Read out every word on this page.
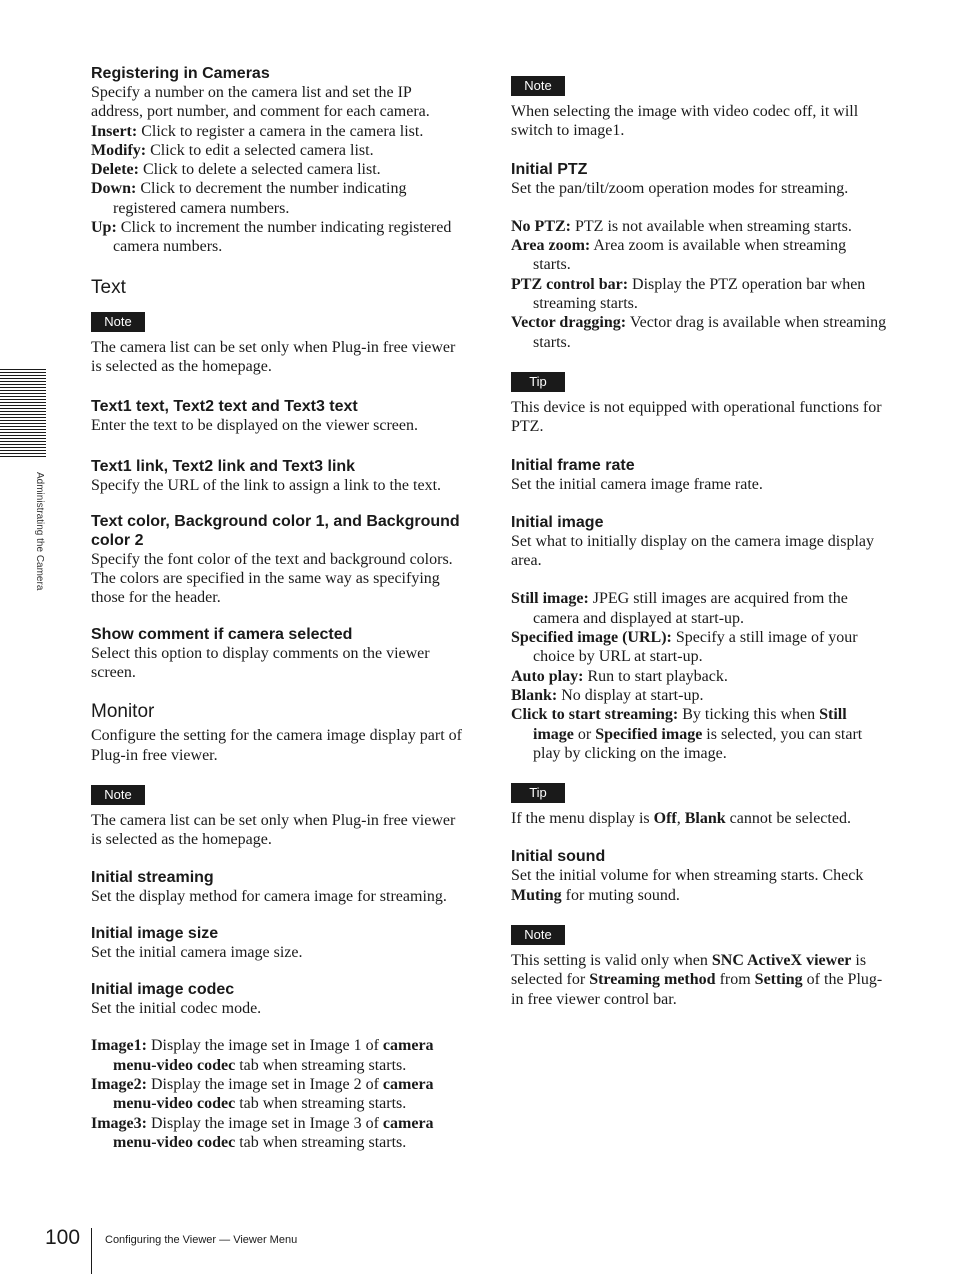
Administrating the Camera
Registering in Cameras

Specify a number on the camera list and set the IP address, port number, and comment for each camera.

Insert: Click to register a camera in the camera list.
Modify: Click to edit a selected camera list.
Delete: Click to delete a selected camera list.
Down: Click to decrement the number indicating registered camera numbers.
Up: Click to increment the number indicating registered camera numbers.
Text
Note

The camera list can be set only when Plug-in free viewer is selected as the homepage.

Text1 text, Text2 text and Text3 text

Enter the text to be displayed on the viewer screen.

Text1 link, Text2 link and Text3 link

Specify the URL of the link to assign a link to the text.

Text color, Background color 1, and Background color 2

Specify the font color of the text and background colors. The colors are specified in the same way as specifying those for the header.

Show comment if camera selected

Select this option to display comments on the viewer screen.

Monitor

Configure the setting for the camera image display part of Plug-in free viewer.

Note

The camera list can be set only when Plug-in free viewer is selected as the homepage.

Initial streaming

Set the display method for camera image for streaming.

Initial image size

Set the initial camera image size.

Initial image codec

Set the initial codec mode.

Image1: Display the image set in Image 1 of camera menu-video codec tab when streaming starts.
Image2: Display the image set in Image 2 of camera menu-video codec tab when streaming starts.
Image3: Display the image set in Image 3 of camera menu-video codec tab when streaming starts.
Note

When selecting the image with video codec off, it will switch to image1.

Initial PTZ

Set the pan/tilt/zoom operation modes for streaming.

No PTZ: PTZ is not available when streaming starts.
Area zoom: Area zoom is available when streaming starts.
PTZ control bar: Display the PTZ operation bar when streaming starts.
Vector dragging: Vector drag is available when streaming starts.
Tip

This device is not equipped with operational functions for PTZ.

Initial frame rate

Set the initial camera image frame rate.

Initial image

Set what to initially display on the camera image display area.

Still image: JPEG still images are acquired from the camera and displayed at start-up.
Specified image (URL): Specify a still image of your choice by URL at start-up.
Auto play: Run to start playback.
Blank: No display at start-up.
Click to start streaming: By ticking this when Still image or Specified image is selected, you can start play by clicking on the image.
Tip

If the menu display is Off, Blank cannot be selected.

Initial sound

Set the initial volume for when streaming starts. Check Muting for muting sound.

Note

This setting is valid only when SNC ActiveX viewer is selected for Streaming method from Setting of the Plug-in free viewer control bar.

100 Configuring the Viewer — Viewer Menu
